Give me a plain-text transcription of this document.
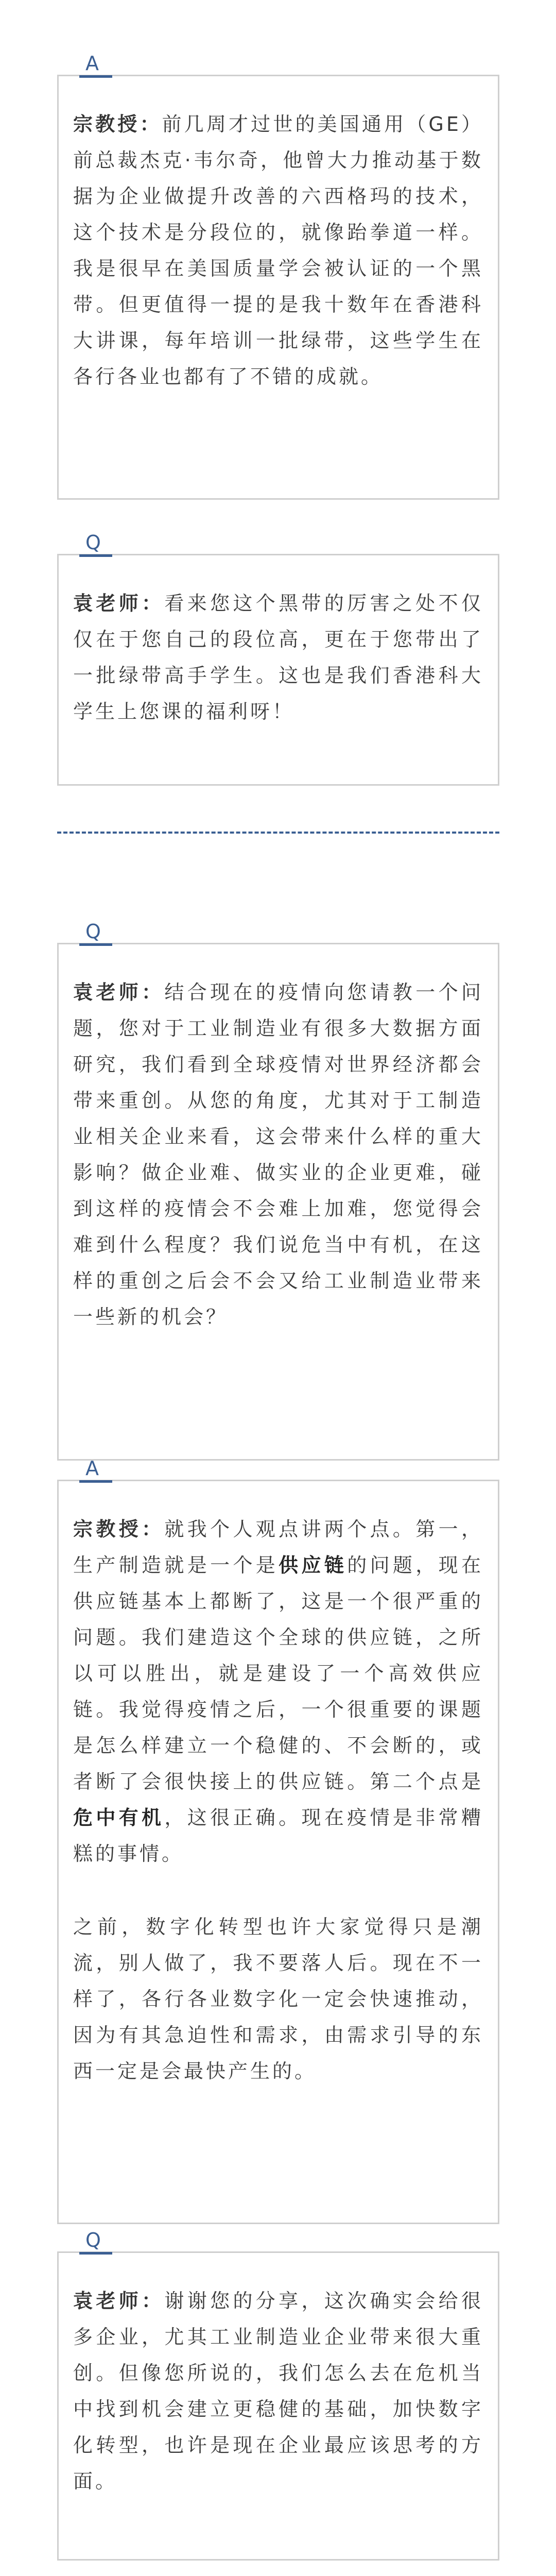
A

宗教授：前几周才过世的美国通用（GE）前总裁杰克·韦尔奇，他曾大力推动基于数据为企业做提升改善的六西格玛的技术，这个技术是分段位的，就像跆拳道一样。我是很早在美国质量学会被认证的一个黑带。但更值得一提的是我十数年在香港科大讲课，每年培训一批绿带，这些学生在各行各业也都有了不错的成就。

Q

袁老师：看来您这个黑带的厉害之处不仅仅在于您自己的段位高，更在于您带出了一批绿带高手学生。这也是我们香港科大学生上您课的福利呀！

Q

袁老师：结合现在的疫情向您请教一个问题，您对于工业制造业有很多大数据方面研究，我们看到全球疫情对世界经济都会带来重创。从您的角度，尤其对于工制造业相关企业来看，这会带来什么样的重大影响？做企业难、做实业的企业更难，碰到这样的疫情会不会难上加难，您觉得会难到什么程度？我们说危当中有机，在这样的重创之后会不会又给工业制造业带来一些新的机会？

A

宗教授：就我个人观点讲两个点。第一，生产制造就是一个是供应链的问题，现在供应链基本上都断了，这是一个很严重的问题。我们建造这个全球的供应链，之所以可以胜出，就是建设了一个高效供应链。我觉得疫情之后，一个很重要的课题是怎么样建立一个稳健的、不会断的，或者断了会很快接上的供应链。第二个点是危中有机，这很正确。现在疫情是非常糟糕的事情。

之前，数字化转型也许大家觉得只是潮流，别人做了，我不要落人后。现在不一样了，各行各业数字化一定会快速推动，因为有其急迫性和需求，由需求引导的东西一定是会最快产生的。

Q

袁老师：谢谢您的分享，这次确实会给很多企业，尤其工业制造业企业带来很大重创。但像您所说的，我们怎么去在危机当中找到机会建立更稳健的基础，加快数字化转型，也许是现在企业最应该思考的方面。
